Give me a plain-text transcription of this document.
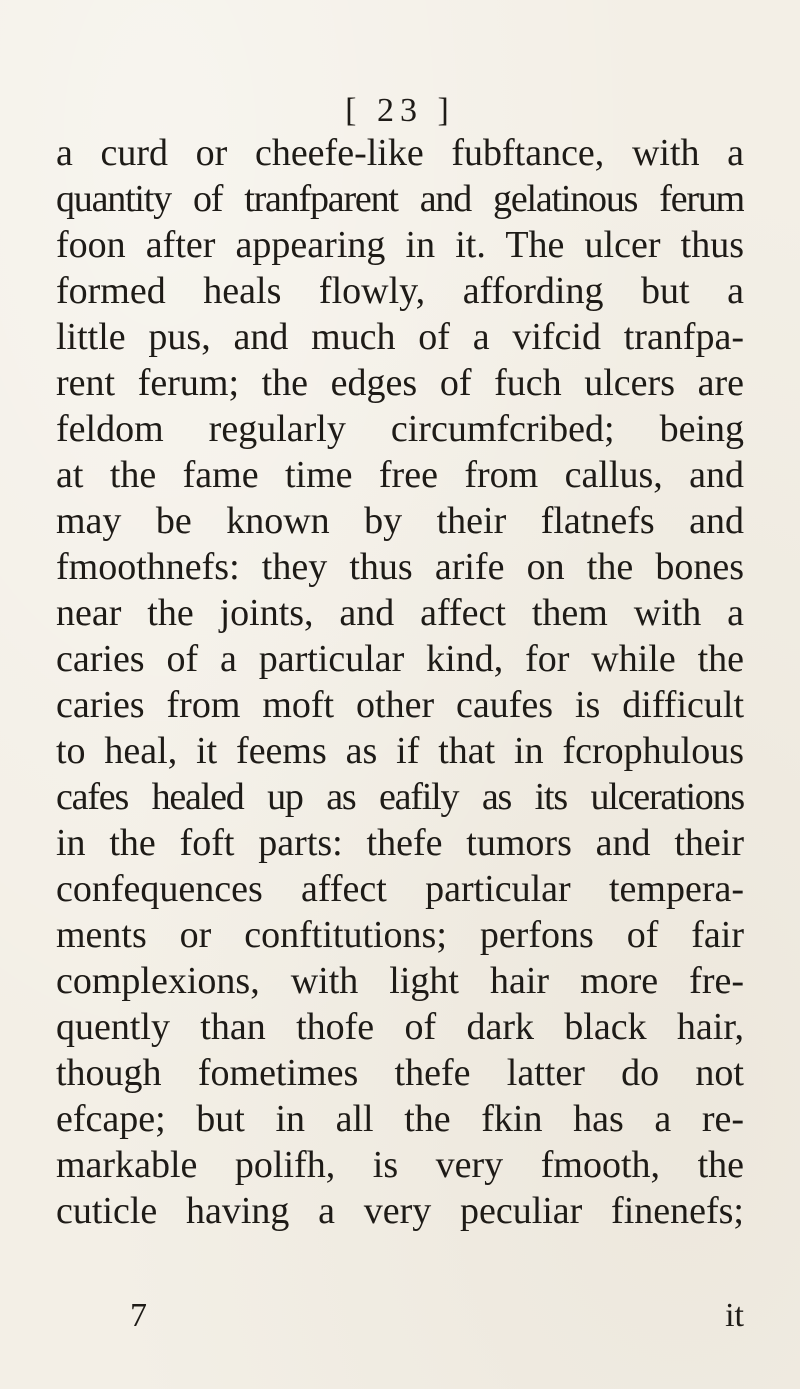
[ 23 ]
a curd or cheefe-like fubftance, with a
quantity of tranfparent and gelatinous ferum
foon after appearing in it. The ulcer thus
formed heals flowly, affording but a
little pus, and much of a vifcid tranfpa-
rent ferum; the edges of fuch ulcers are
feldom regularly circumfcribed; being
at the fame time free from callus, and
may be known by their flatnefs and
fmoothnefs: they thus arife on the bones
near the joints, and affect them with a
caries of a particular kind, for while the
caries from moft other caufes is difficult
to heal, it feems as if that in fcrophulous
cafes healed up as eafily as its ulcerations
in the foft parts: thefe tumors and their
confequences affect particular tempera-
ments or conftitutions; perfons of fair
complexions, with light hair more fre-
quently than thofe of dark black hair,
though fometimes thefe latter do not
efcape; but in all the fkin has a re-
markable polifh, is very fmooth, the
cuticle having a very peculiar finenefs;
7	it
